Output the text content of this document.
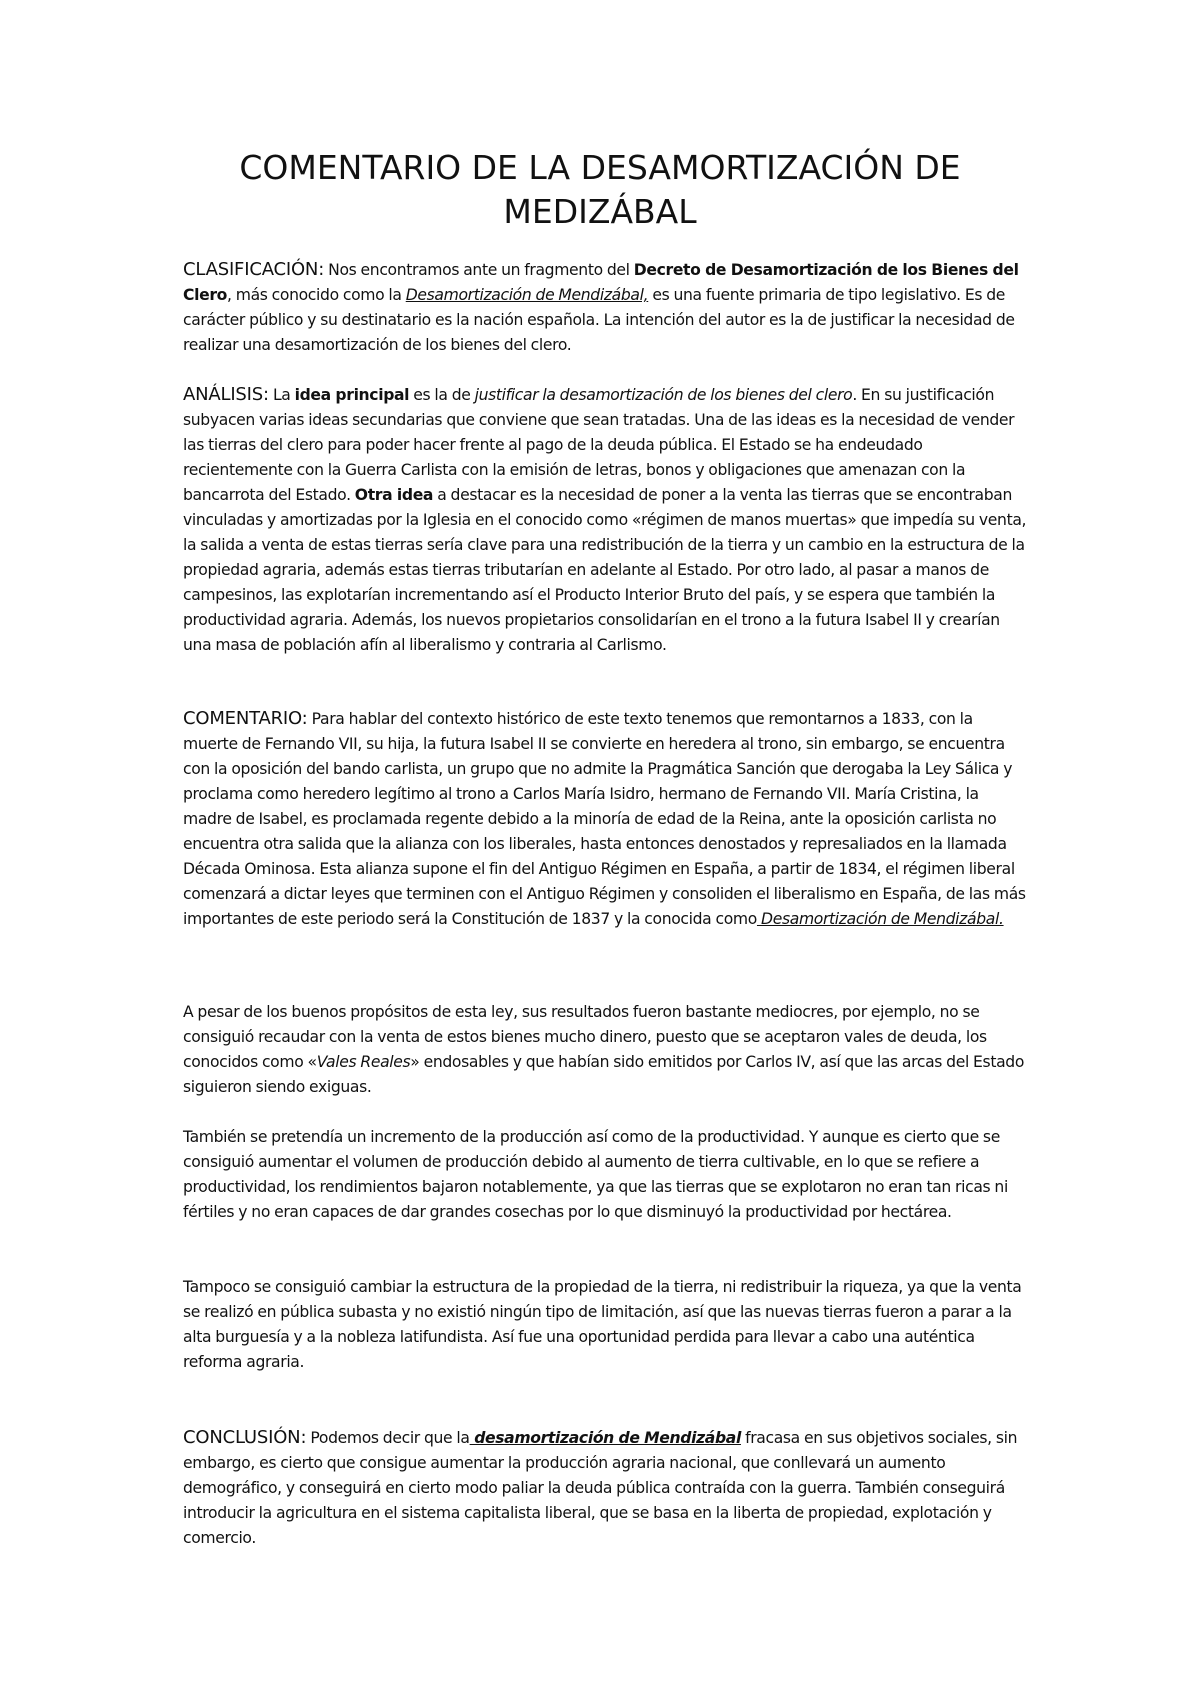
COMENTARIO DE LA DESAMORTIZACIÓN DE MEDIZÁBAL

CLASIFICACIÓN: Nos encontramos ante un fragmento del Decreto de Desamortización de los Bienes del Clero, más conocido como la Desamortización de Mendizábal, es una fuente primaria de tipo legislativo. Es de carácter público y su destinatario es la nación española. La intención del autor es la de justificar la necesidad de realizar una desamortización de los bienes del clero.

ANÁLISIS: La idea principal es la de justificar la desamortización de los bienes del clero. En su justificación subyacen varias ideas secundarias que conviene que sean tratadas. Una de las ideas es la necesidad de vender las tierras del clero para poder hacer frente al pago de la deuda pública. El Estado se ha endeudado recientemente con la Guerra Carlista con la emisión de letras, bonos y obligaciones que amenazan con la bancarrota del Estado. Otra idea a destacar es la necesidad de poner a la venta las tierras que se encontraban vinculadas y amortizadas por la Iglesia en el conocido como «régimen de manos muertas» que impedía su venta, la salida a venta de estas tierras sería clave para una redistribución de la tierra y un cambio en la estructura de la propiedad agraria, además estas tierras tributarían en adelante al Estado. Por otro lado, al pasar a manos de campesinos, las explotarían incrementando así el Producto Interior Bruto del país, y se espera que también la productividad agraria. Además, los nuevos propietarios consolidarían en el trono a la futura Isabel II y crearían una masa de población afín al liberalismo y contraria al Carlismo.

COMENTARIO: Para hablar del contexto histórico de este texto tenemos que remontarnos a 1833, con la muerte de Fernando VII, su hija, la futura Isabel II se convierte en heredera al trono, sin embargo, se encuentra con la oposición del bando carlista, un grupo que no admite la Pragmática Sanción que derogaba la Ley Sálica y proclama como heredero legítimo al trono a Carlos María Isidro, hermano de Fernando VII. María Cristina, la madre de Isabel, es proclamada regente debido a la minoría de edad de la Reina, ante la oposición carlista no encuentra otra salida que la alianza con los liberales, hasta entonces denostados y represaliados en la llamada Década Ominosa. Esta alianza supone el fin del Antiguo Régimen en España, a partir de 1834, el régimen liberal comenzará a dictar leyes que terminen con el Antiguo Régimen y consoliden el liberalismo en España, de las más importantes de este periodo será la Constitución de 1837 y la conocida como Desamortización de Mendizábal.

A pesar de los buenos propósitos de esta ley, sus resultados fueron bastante mediocres, por ejemplo, no se consiguió recaudar con la venta de estos bienes mucho dinero, puesto que se aceptaron vales de deuda, los conocidos como «Vales Reales» endosables y que habían sido emitidos por Carlos IV, así que las arcas del Estado siguieron siendo exiguas.

También se pretendía un incremento de la producción así como de la productividad. Y aunque es cierto que se consiguió aumentar el volumen de producción debido al aumento de tierra cultivable, en lo que se refiere a productividad, los rendimientos bajaron notablemente, ya que las tierras que se explotaron no eran tan ricas ni fértiles y no eran capaces de dar grandes cosechas por lo que disminuyó la productividad por hectárea.

Tampoco se consiguió cambiar la estructura de la propiedad de la tierra, ni redistribuir la riqueza, ya que la venta se realizó en pública subasta y no existió ningún tipo de limitación, así que las nuevas tierras fueron a parar a la alta burguesía y a la nobleza latifundista. Así fue una oportunidad perdida para llevar a cabo una auténtica reforma agraria.

CONCLUSIÓN: Podemos decir que la desamortización de Mendizábal fracasa en sus objetivos sociales, sin embargo, es cierto que consigue aumentar la producción agraria nacional, que conllevará un aumento demográfico, y conseguirá en cierto modo paliar la deuda pública contraída con la guerra. También conseguirá introducir la agricultura en el sistema capitalista liberal, que se basa en la liberta de propiedad, explotación y comercio.
